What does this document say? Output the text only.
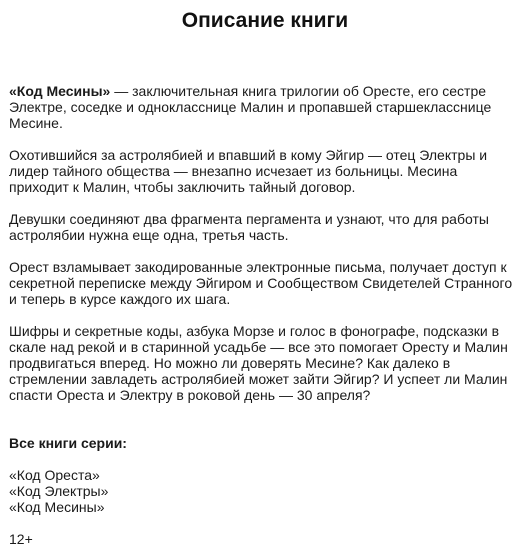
Описание книги

«Код Месины» — заключительная книга трилогии об Оресте, его сестре Электре, соседке и однокласснице Малин и пропавшей старшекласснице Месине.

Охотившийся за астролябией и впавший в кому Эйгир — отец Электры и лидер тайного общества — внезапно исчезает из больницы. Месина приходит к Малин, чтобы заключить тайный договор.

Девушки соединяют два фрагмента пергамента и узнают, что для работы астролябии нужна еще одна, третья часть.

Орест взламывает закодированные электронные письма, получает доступ к секретной переписке между Эйгиром и Сообществом Свидетелей Странного и теперь в курсе каждого их шага.

Шифры и секретные коды, азбука Морзе и голос в фонографе, подсказки в скале над рекой и в старинной усадьбе — все это помогает Оресту и Малин продвигаться вперед. Но можно ли доверять Месине? Как далеко в стремлении завладеть астролябией может зайти Эйгир? И успеет ли Малин спасти Ореста и Электру в роковой день — 30 апреля?

Все книги серии:
«Код Ореста»
«Код Электры»
«Код Месины»
12+
